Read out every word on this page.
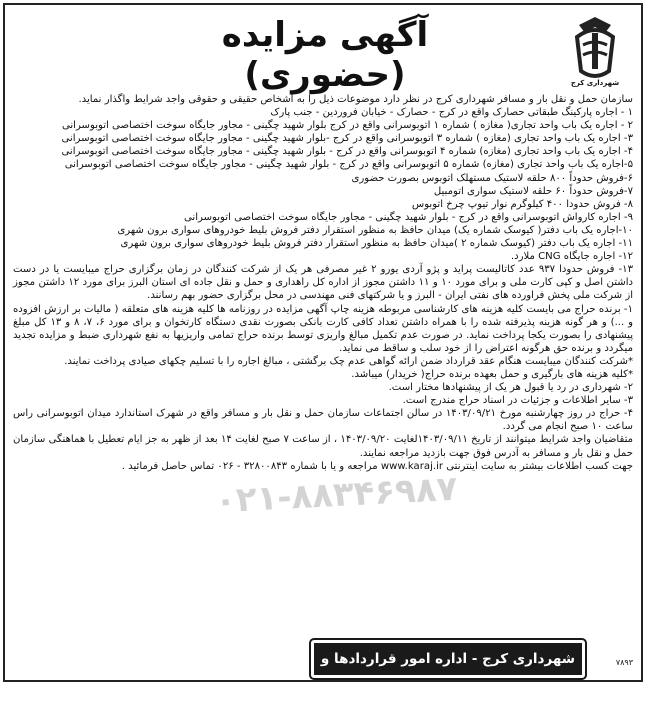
آگهی مزایده (حضوری)	شهرداری کرج
۰۲۱-۸۸۳۴۶۹۸۷

سازمان حمل و نقل بار و مسافر شهرداری کرج در نظر دارد موضوعات ذیل را به اشخاص حقیقی و حقوقی واجد شرایط واگذار نماید.

۱ - اجاره پارکینگ طبقاتی حصارک واقع در کرج - حصارک - خیابان فروردین - جنب پارک

۲ - اجاره یک باب واحد تجاری( مغازه ) شماره ۱ اتوبوسرانی واقع در کرج بلوار شهید چگینی - مجاور جایگاه سوخت اختصاصی اتوبوسرانی

۳- اجاره یک باب واحد تجاری (مغازه ) شماره ۳ اتوبوسرانی واقع در کرج -بلوار شهید چگینی - مجاور جایگاه سوخت اختصاصی اتوبوسرانی

۴- اجاره یک باب واحد تجاری (مغازه) شماره ۴ اتوبوسرانی واقع در کرج - بلوار شهید چگینی - مجاور جایگاه سوخت اختصاصی اتوبوسرانی

۵-اجاره یک باب واحد تجاری (مغازه) شماره ۵ اتوبوسرانی واقع در کرج - بلوار شهید چگینی - مجاور جایگاه سوخت اختصاصی اتوبوسرانی

۶-فروش حدوداً ۸۰۰ حلقه لاستیک مستهلک اتوبوس بصورت حضوری

۷-فروش حدوداً ۶۰ حلقه لاستیک سواری اتومبیل

۸- فروش حدودا ۴۰۰ کیلوگرم نوار تیوپ چرخ اتوبوس

۹- اجاره کارواش اتوبوسرانی واقع در کرج - بلوار شهید چگینی - مجاور جایگاه سوخت اختصاصی اتوبوسرانی

۱۰-اجاره یک باب دفتر( کیوسک شماره یک) میدان حافظ به منظور استقرار دفتر فروش بلیط خودروهای سواری برون شهری

۱۱- اجاره یک باب دفتر (کیوسک شماره ۲ )میدان حافظ به منظور استقرار دفتر فروش بلیط خودروهای سواری برون شهری

۱۲- اجاره جایگاه CNG ملارد.

۱۳- فروش حدودا ۹۳۷ عدد کاتالیست پراید و پژو آردی یورو ۲ غیر مصرفی هر یک از شرکت کنندگان در زمان برگزاری حراج میبایست یا در دست داشتن اصل و کپی کارت ملی و برای مورد ۱۰ و ۱۱ داشتن مجوز از اداره کل راهداری و حمل و نقل جاده ای استان البرز برای مورد ۱۲ داشتن مجوز از شرکت ملی پخش فراورده های نفتی ایران - البرز و یا شرکتهای فنی مهندسی در محل برگزاری حضور بهم رسانند.

۱- برنده حراج می بایست کلیه هزینه های کارشناسی مربوطه هزینه چاپ آگهی مزایده در روزنامه ها کلیه هزینه های متعلقه ( مالیات بر ارزش افزوده و ...) و هر گونه هزینه پذیرفته شده را با همراه داشتن تعداد کافی کارت بانکی بصورت نقدی دستگاه کارتخوان و برای مورد ۶، ۷، ۸ و ۱۳ کل مبلغ پیشنهادی را بصورت یکجا پرداخت نماید. در صورت عدم تکمیل مبالغ واریزی توسط برنده حراج تمامی واریزیها به نفع شهرداری ضبط و مزایده تجدید میگردد و برنده حق هرگونه اعتراض را از خود سلب و ساقط می نماید.

*شرکت کنندگان میبایست هنگام عقد قرارداد ضمن ارائه گواهی عدم چک برگشتی ، مبالغ اجاره را با تسلیم چکهای صیادی پرداخت نمایند.

*کلیه هزینه های بارگیری و حمل بعهده برنده حراج( خریدار) میباشد.

۲- شهرداری در رد یا قبول هر یک از پیشنهادها مختار است.

۳- سایر اطلاعات و جزئیات در اسناد حراج مندرج است.

۴- حراج در روز چهارشنبه مورخ ۱۴۰۳/۰۹/۲۱ در سالن اجتماعات سازمان حمل و نقل بار و مسافر واقع در شهرک استاندارد میدان اتوبوسرانی راس ساعت ۱۰ صبح انجام می گردد.

متقاضیان واجد شرایط میتوانند از تاریخ ۱۴۰۳/۰۹/۱۱لغایت ۱۴۰۳/۰۹/۲۰ ، از ساعت ۷ صبح لغایت ۱۴ بعد از ظهر به جز ایام تعطیل با هماهنگی سازمان حمل و نقل بار و مسافر به آدرس فوق جهت بازدید مراجعه نمایند.

جهت کسب اطلاعات بیشتر به سایت اینترنتی www.karaj.ir مراجعه و یا با شماره ۳۲۸۰۰۸۴۳ - ۰۲۶ تماس حاصل فرمائید .

شهرداری کرج - اداره امور قراردادها و پیمانها
۷۸۹۳
